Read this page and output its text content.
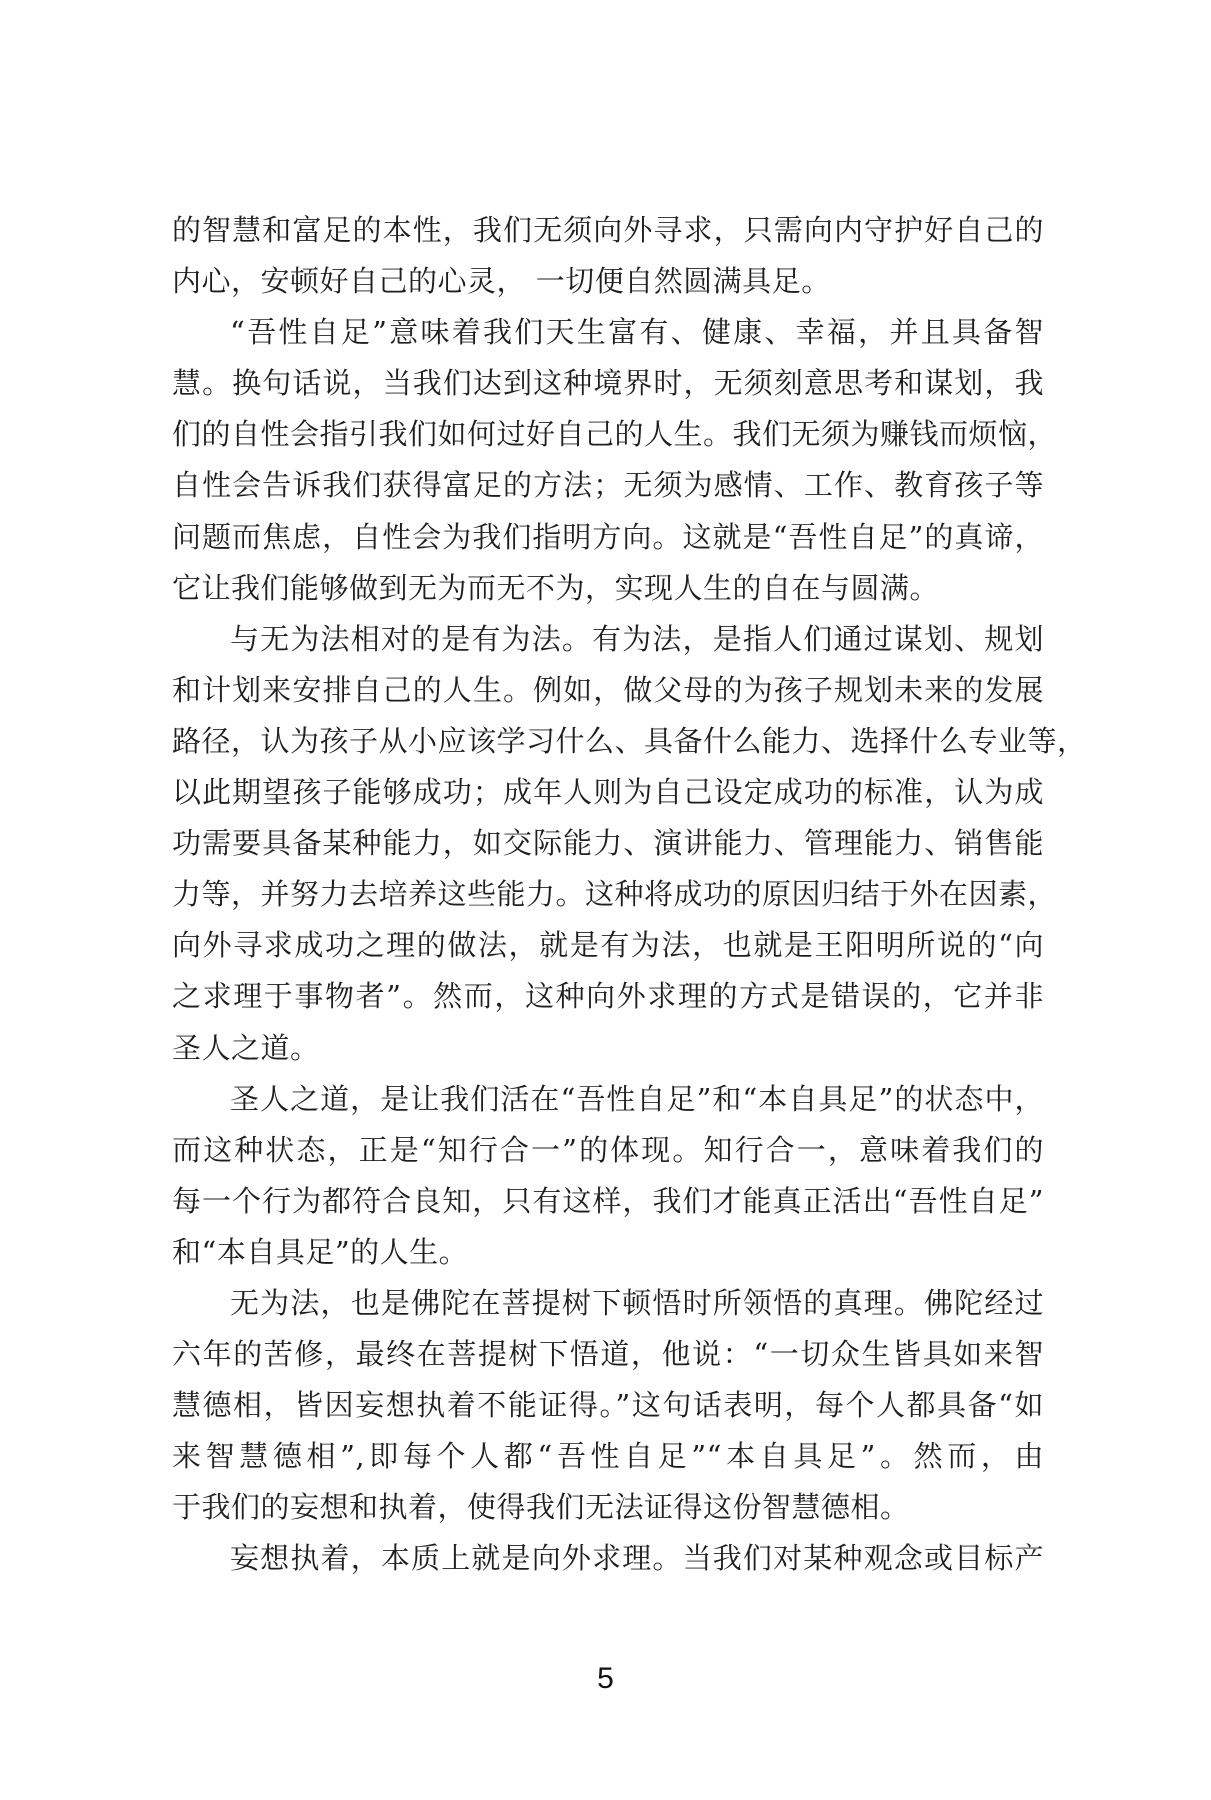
的智慧和富足的本性，我们无须向外寻求，只需向内守护好自己的
内心，安顿好自己的心灵， 一切便自然圆满具足。
“吾性自足”意味着我们天生富有、健康、幸福，并且具备智
慧。换句话说，当我们达到这种境界时，无须刻意思考和谋划，我
们的自性会指引我们如何过好自己的人生。我们无须为赚钱而烦恼，
自性会告诉我们获得富足的方法；无须为感情、工作、教育孩子等
问题而焦虑，自性会为我们指明方向。这就是“吾性自足”的真谛，
它让我们能够做到无为而无不为，实现人生的自在与圆满。
与无为法相对的是有为法。有为法，是指人们通过谋划、规划
和计划来安排自己的人生。例如，做父母的为孩子规划未来的发展
路径，认为孩子从小应该学习什么、具备什么能力、选择什么专业等，
以此期望孩子能够成功；成年人则为自己设定成功的标准，认为成
功需要具备某种能力，如交际能力、演讲能力、管理能力、销售能
力等，并努力去培养这些能力。这种将成功的原因归结于外在因素，
向外寻求成功之理的做法，就是有为法，也就是王阳明所说的“向
之求理于事物者”。然而，这种向外求理的方式是错误的，它并非
圣人之道。
圣人之道，是让我们活在“吾性自足”和“本自具足”的状态中，
而这种状态，正是“知行合一”的体现。知行合一，意味着我们的
每一个行为都符合良知，只有这样，我们才能真正活出“吾性自足”
和“本自具足”的人生。
无为法，也是佛陀在菩提树下顿悟时所领悟的真理。佛陀经过
六年的苦修，最终在菩提树下悟道，他说：“一切众生皆具如来智
慧德相，皆因妄想执着不能证得。”这句话表明，每个人都具备“如
来智慧德相”,即每个人都“吾性自足”“本自具足”。然而，由
于我们的妄想和执着，使得我们无法证得这份智慧德相。
妄想执着，本质上就是向外求理。当我们对某种观念或目标产
5
